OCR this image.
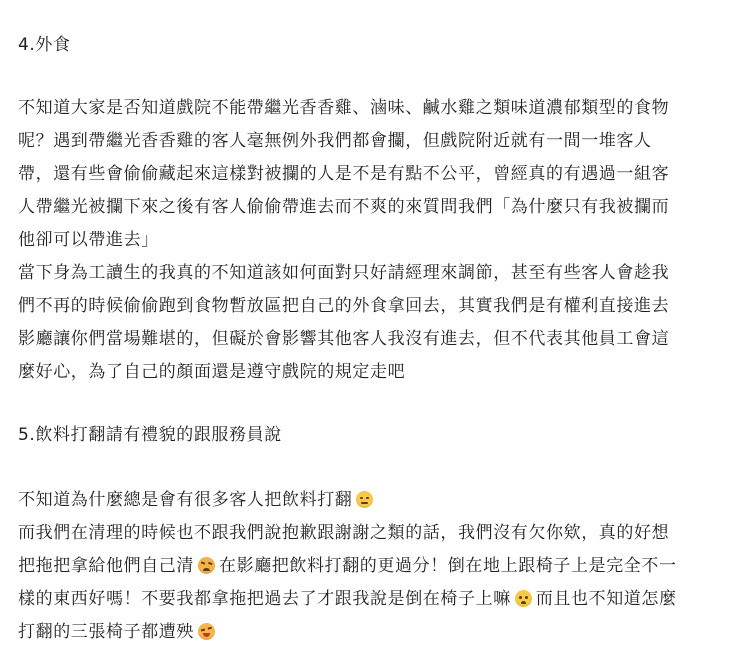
4.外食
不知道大家是否知道戲院不能帶繼光香香雞、滷味、鹹水雞之類味道濃郁類型的食物
呢？遇到帶繼光香香雞的客人毫無例外我們都會攔，但戲院附近就有一間一堆客人
帶，還有些會偷偷藏起來這樣對被攔的人是不是有點不公平，曾經真的有遇過一組客
人帶繼光被攔下來之後有客人偷偷帶進去而不爽的來質問我們「為什麼只有我被攔而
他卻可以帶進去」
當下身為工讀生的我真的不知道該如何面對只好請經理來調節，甚至有些客人會趁我
們不再的時候偷偷跑到食物暫放區把自己的外食拿回去，其實我們是有權利直接進去
影廳讓你們當場難堪的，但礙於會影響其他客人我沒有進去，但不代表其他員工會這
麼好心，為了自己的顏面還是遵守戲院的規定走吧
5.飲料打翻請有禮貌的跟服務員說
不知道為什麼總是會有很多客人把飲料打翻
而我們在清理的時候也不跟我們說抱歉跟謝謝之類的話，我們沒有欠你欸，真的好想
把拖把拿給他們自己清 在影廳把飲料打翻的更過分！倒在地上跟椅子上是完全不一
樣的東西好嗎！不要我都拿拖把過去了才跟我說是倒在椅子上嘛 而且也不知道怎麼
打翻的三張椅子都遭殃
